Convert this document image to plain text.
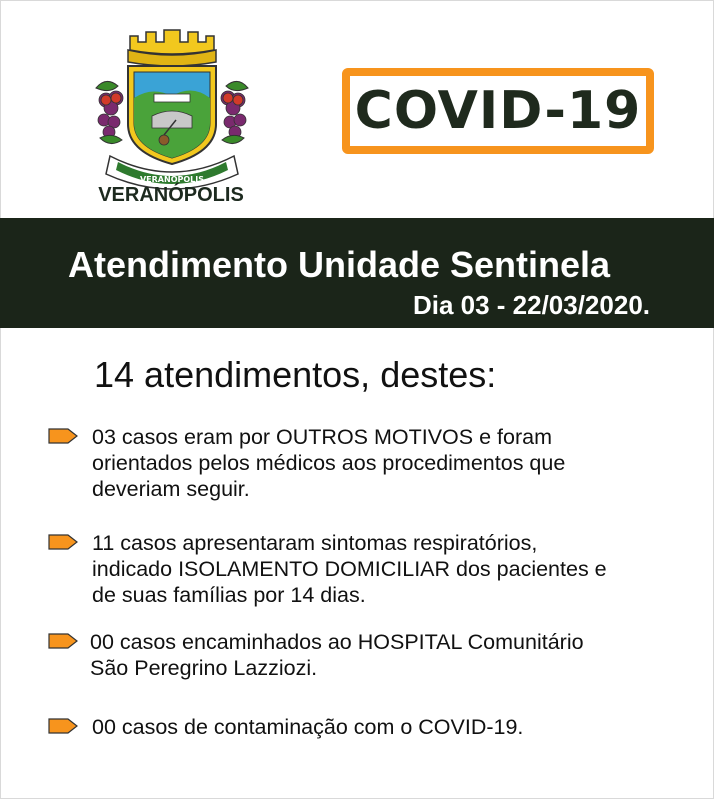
VERANÓPOLIS
VERANÓPOLIS
COVID-19
Atendimento Unidade Sentinela
Dia 03 - 22/03/2020.
14 atendimentos, destes:
03 casos eram por OUTROS MOTIVOS e foram
orientados pelos médicos aos procedimentos que
deveriam seguir.
11 casos apresentaram sintomas respiratórios,
indicado ISOLAMENTO DOMICILIAR dos pacientes e
de suas famílias por 14 dias.
00 casos encaminhados ao HOSPITAL Comunitário
São Peregrino Lazziozi.
00 casos de contaminação com o COVID-19.
